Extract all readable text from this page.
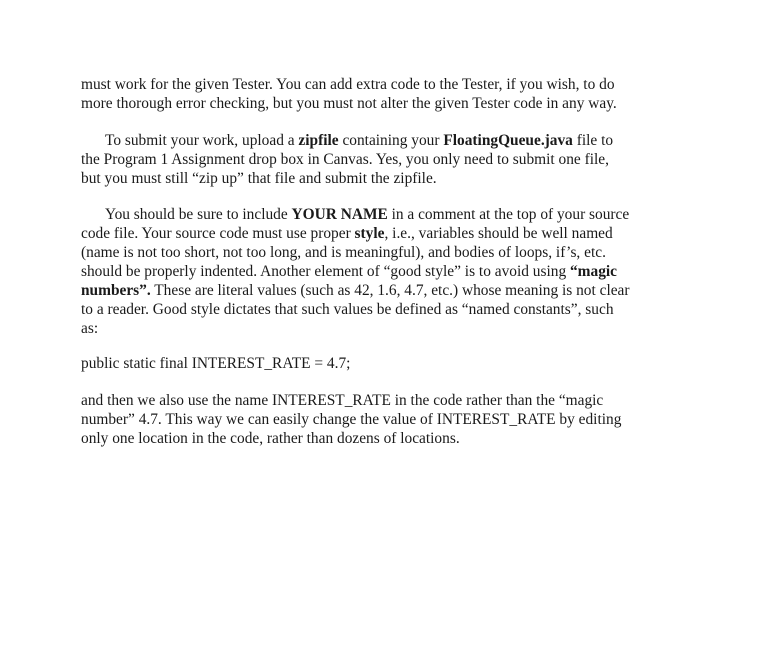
must work for the given Tester. You can add extra code to the Tester, if you wish, to do
more thorough error checking, but you must not alter the given Tester code in any way.

To submit your work, upload a zipfile containing your FloatingQueue.java file to
the Program 1 Assignment drop box in Canvas. Yes, you only need to submit one file,
but you must still “zip up” that file and submit the zipfile.

You should be sure to include YOUR NAME in a comment at the top of your source
code file. Your source code must use proper style, i.e., variables should be well named
(name is not too short, not too long, and is meaningful), and bodies of loops, if’s, etc.
should be properly indented. Another element of “good style” is to avoid using “magic
numbers”. These are literal values (such as 42, 1.6, 4.7, etc.) whose meaning is not clear
to a reader. Good style dictates that such values be defined as “named constants”, such
as:

public static final INTEREST_RATE = 4.7;

and then we also use the name INTEREST_RATE in the code rather than the “magic
number” 4.7. This way we can easily change the value of INTEREST_RATE by editing
only one location in the code, rather than dozens of locations.
